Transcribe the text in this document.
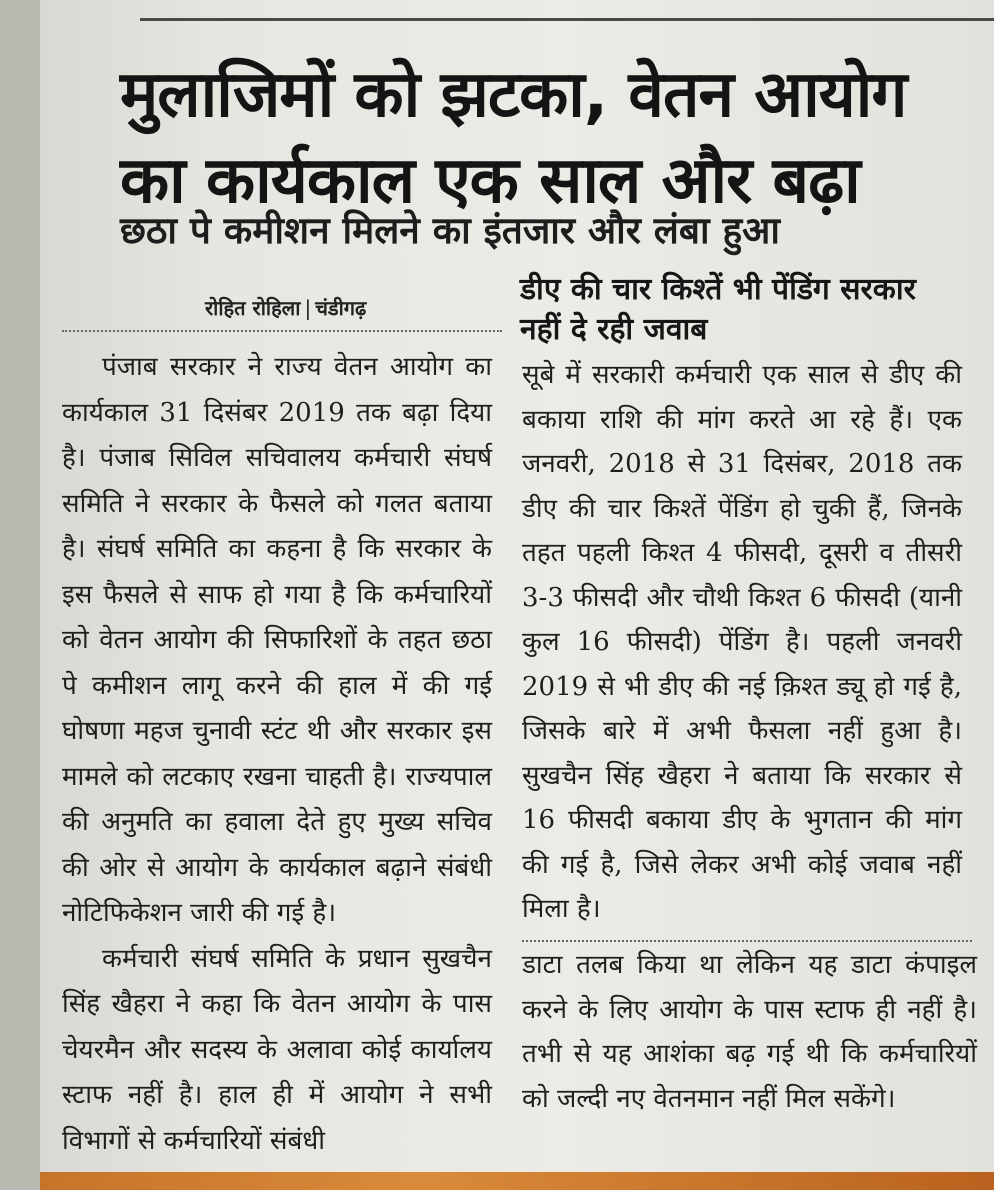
मुलाजिमों को झटका, वेतन आयोग का कार्यकाल एक साल और बढ़ा
छठा पे कमीशन मिलने का इंतजार और लंबा हुआ
रोहित रोहिला | चंडीगढ़

पंजाब सरकार ने राज्य वेतन आयोग का कार्यकाल 31 दिसंबर 2019 तक बढ़ा दिया है। पंजाब सिविल सचिवालय कर्मचारी संघर्ष समिति ने सरकार के फैसले को गलत बताया है। संघर्ष समिति का कहना है कि सरकार के इस फैसले से साफ हो गया है कि कर्मचारियों को वेतन आयोग की सिफारिशों के तहत छठा पे कमीशन लागू करने की हाल में की गई घोषणा महज चुनावी स्टंट थी और सरकार इस मामले को लटकाए रखना चाहती है। राज्यपाल की अनुमति का हवाला देते हुए मुख्य सचिव की ओर से आयोग के कार्यकाल बढ़ाने संबंधी नोटिफिकेशन जारी की गई है।

कर्मचारी संघर्ष समिति के प्रधान सुखचैन सिंह खैहरा ने कहा कि वेतन आयोग के पास चेयरमैन और सदस्य के अलावा कोई कार्यालय स्टाफ नहीं है। हाल ही में आयोग ने सभी विभागों से कर्मचारियों संबंधी

डीए की चार किश्तें भी पेंडिंग सरकार नहीं दे रही जवाब
सूबे में सरकारी कर्मचारी एक साल से डीए की बकाया राशि की मांग करते आ रहे हैं। एक जनवरी, 2018 से 31 दिसंबर, 2018 तक डीए की चार किश्तें पेंडिंग हो चुकी हैं, जिनके तहत पहली किश्त 4 फीसदी, दूसरी व तीसरी 3-3 फीसदी और चौथी किश्त 6 फीसदी (यानी कुल 16 फीसदी) पेंडिंग है। पहली जनवरी 2019 से भी डीए की नई क़िश्त ड्यू हो गई है, जिसके बारे में अभी फैसला नहीं हुआ है। सुखचैन सिंह खैहरा ने बताया कि सरकार से 16 फीसदी बकाया डीए के भुगतान की मांग की गई है, जिसे लेकर अभी कोई जवाब नहीं मिला है।
डाटा तलब किया था लेकिन यह डाटा कंपाइल करने के लिए आयोग के पास स्टाफ ही नहीं है। तभी से यह आशंका बढ़ गई थी कि कर्मचारियों को जल्दी नए वेतनमान नहीं मिल सकेंगे।
